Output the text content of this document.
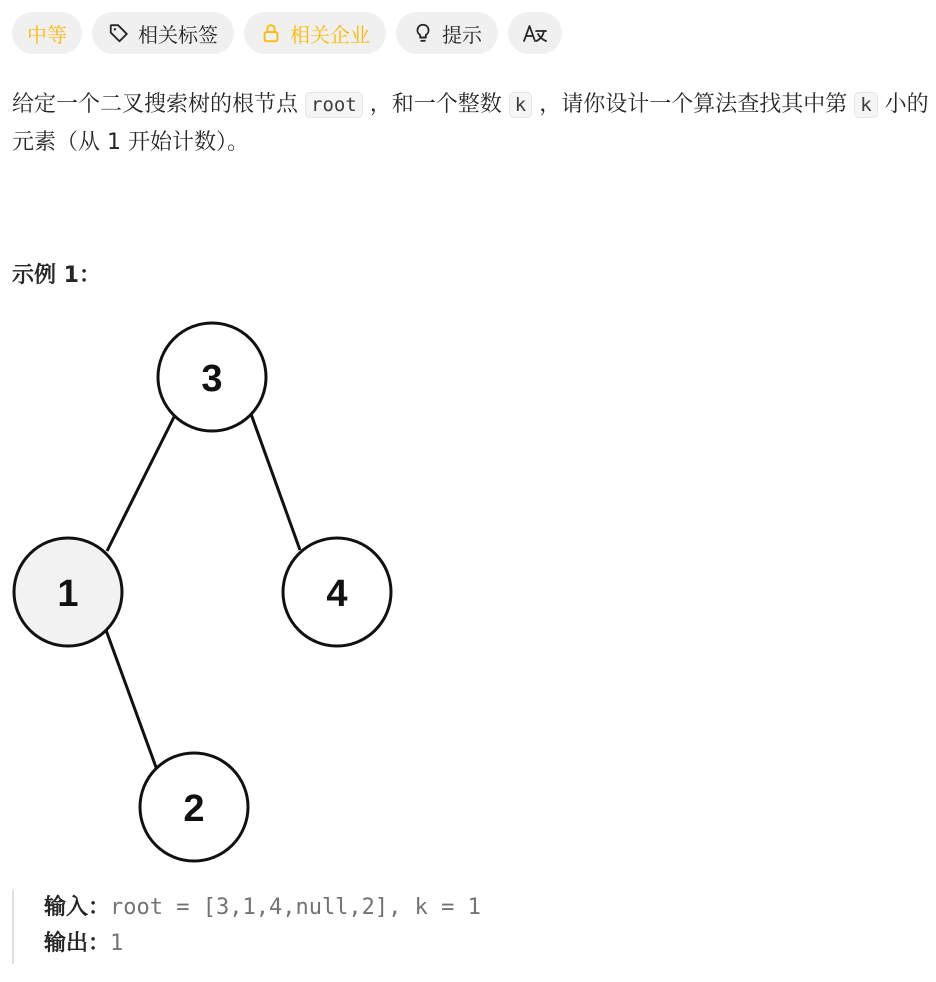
中等	相关标签	相关企业	提示
给定一个二叉搜索树的根节点 root ，和一个整数 k ，请你设计一个算法查找其中第 k 小的元素（从 1 开始计数）。
示例 1：
3
1	4
2
输入：root = [3,1,4,null,2], k = 1
输出：1
